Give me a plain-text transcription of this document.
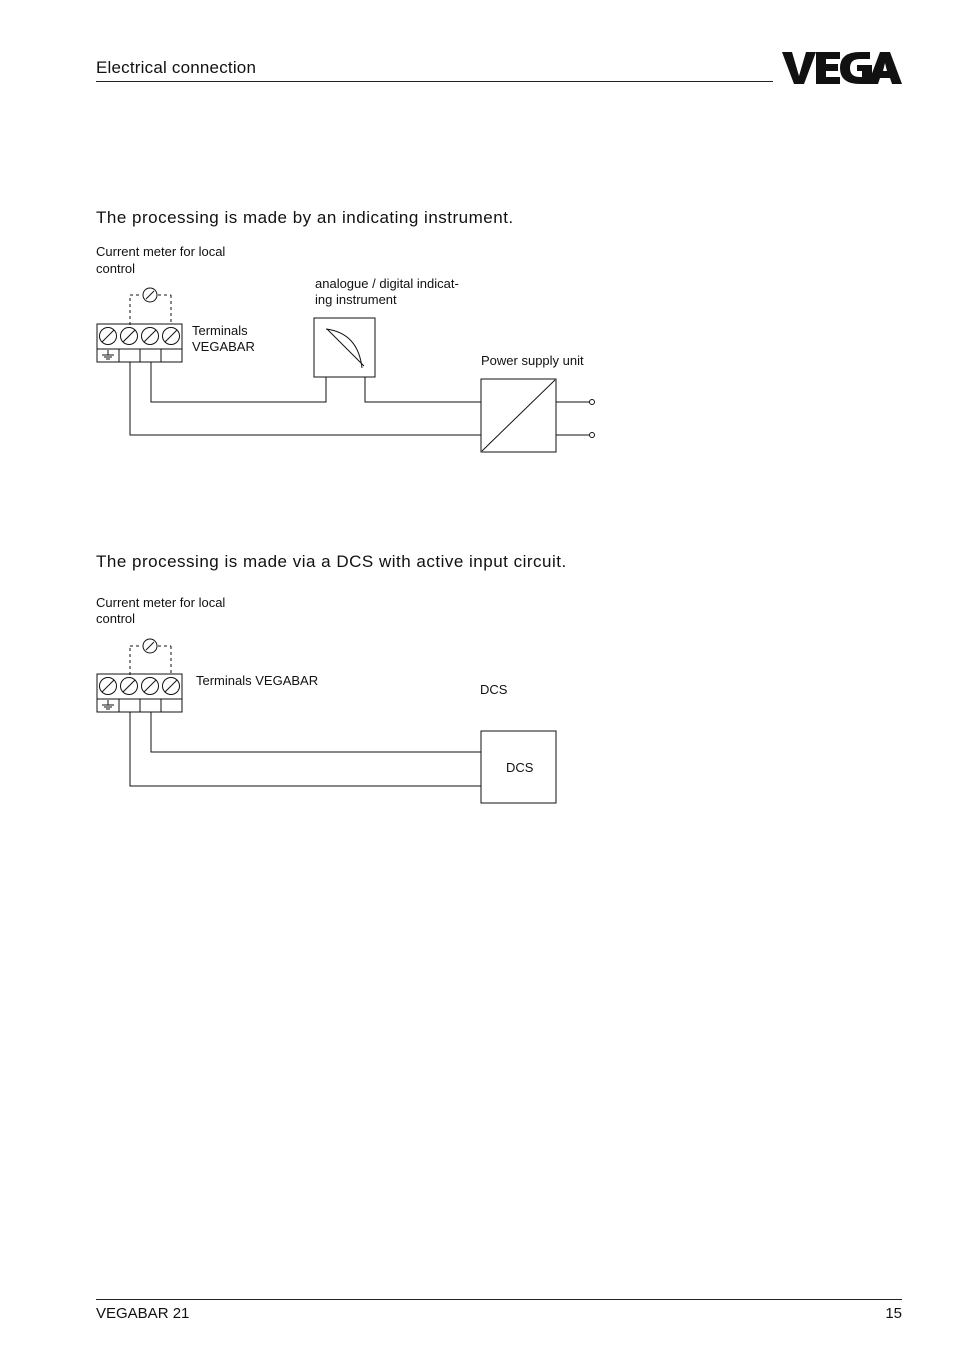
Electrical connection
The processing is made by an indicating instrument.
Current meter for local
control
Terminals
VEGABAR
analogue / digital indicat-
ing instrument
Power supply unit
The processing is made via a DCS with active input circuit.
Current meter for local
control
Terminals VEGABAR
DCS
DCS
VEGABAR 21	15
